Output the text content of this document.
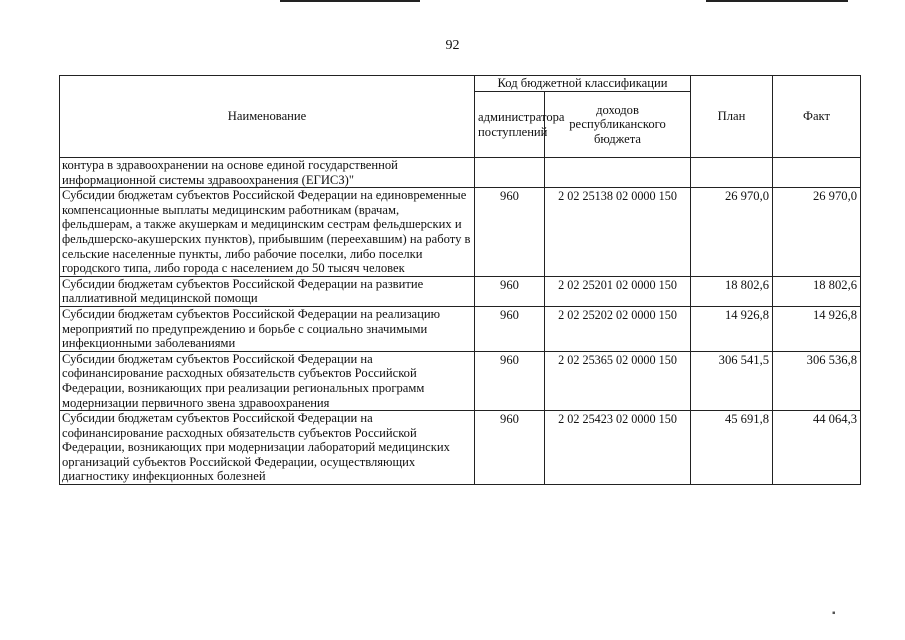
▪
92
Наименование	Код бюджетной классификации		План	Факт
	администратора поступлений	доходов республиканского бюджета		
контура в здравоохранении на основе единой государственной информационной системы здравоохранения (ЕГИСЗ)"				
Субсидии бюджетам субъектов Российской Федерации на единовременные компенсационные выплаты медицинским работникам (врачам, фельдшерам, а также акушеркам и медицинским сестрам фельдшерских и фельдшерско-акушерских пунктов), прибывшим (переехавшим) на работу в сельские населенные пункты, либо рабочие поселки, либо поселки городского типа, либо города с населением до 50 тысяч человек	960	2 02 25138 02 0000 150	26 970,0	26 970,0
Субсидии бюджетам субъектов Российской Федерации на развитие паллиативной медицинской помощи	960	2 02 25201 02 0000 150	18 802,6	18 802,6
Субсидии бюджетам субъектов Российской Федерации на реализацию мероприятий по предупреждению и борьбе с социально значимыми инфекционными заболеваниями	960	2 02 25202 02 0000 150	14 926,8	14 926,8
Субсидии бюджетам субъектов Российской Федерации на софинансирование расходных обязательств субъектов Российской Федерации, возникающих при реализации региональных программ модернизации первичного звена здравоохранения	960	2 02 25365 02 0000 150	306 541,5	306 536,8
Субсидии бюджетам субъектов Российской Федерации на софинансирование расходных обязательств субъектов Российской Федерации, возникающих при модернизации лабораторий медицинских организаций субъектов Российской Федерации, осуществляющих диагностику инфекционных болезней	960	2 02 25423 02 0000 150	45 691,8	44 064,3
